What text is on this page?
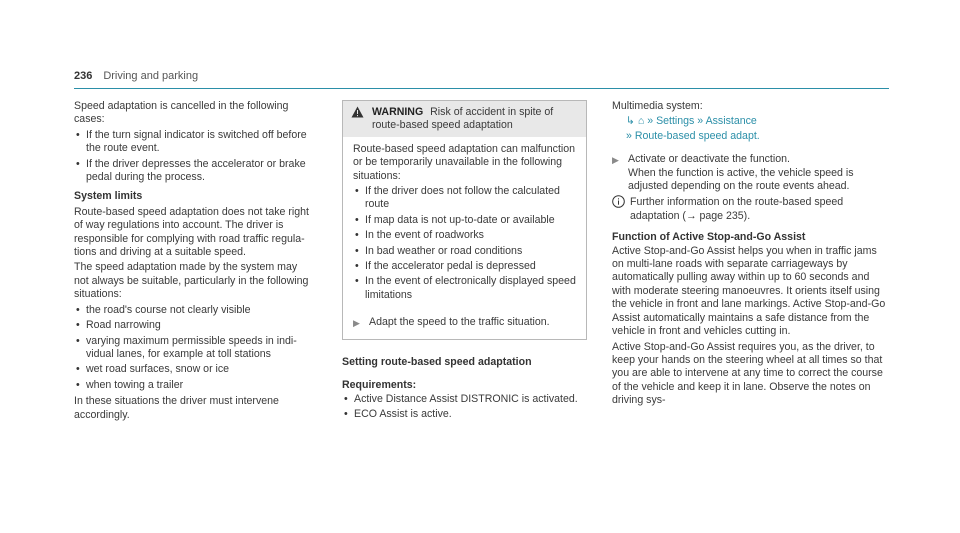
236 Driving and parking

Speed adaptation is cancelled in the following cases:

• If the turn signal indicator is switched off before the route event.
• If the driver depresses the accelerator or brake pedal during the process.

System limits

Route-based speed adaptation does not take right of way regulations into account. The driver is responsible for complying with road traffic regulations and driving at a suitable speed.

The speed adaptation made by the system may not always be suitable, particularly in the following situations:

• the road's course not clearly visible
• Road narrowing
• varying maximum permissible speeds in individual lanes, for example at toll stations
• wet road surfaces, snow or ice
• when towing a trailer

In these situations the driver must intervene accordingly.

WARNING Risk of accident in spite of route-based speed adaptation

Route-based speed adaptation can malfunction or be temporarily unavailable in the following situations:

• If the driver does not follow the calculated route
• If map data is not up-to-date or available
• In the event of roadworks
• In bad weather or road conditions
• If the accelerator pedal is depressed
• In the event of electronically displayed speed limitations
▶ Adapt the speed to the traffic situation.

Setting route-based speed adaptation

Requirements:

• Active Distance Assist DISTRONIC is activated.
• ECO Assist is active.

Multimedia system:

↳ ⌂ » Settings » Assistance
» Route-based speed adapt.
▶ Activate or deactivate the function.
When the function is active, the vehicle speed is adjusted depending on the route events ahead.
Further information on the route-based speed adaptation (→ page 235).

Function of Active Stop-and-Go Assist

Active Stop-and-Go Assist helps you when in traffic jams on multi-lane roads with separate carriageways by automatically pulling away within up to 60 seconds and with moderate steering manoeuvres. It orients itself using the vehicle in front and lane markings. Active Stop-and-Go Assist automatically maintains a safe distance from the vehicle in front and vehicles cutting in.

Active Stop-and-Go Assist requires you, as the driver, to keep your hands on the steering wheel at all times so that you are able to intervene at any time to correct the course of the vehicle and keep it in lane. Observe the notes on driving sys-
